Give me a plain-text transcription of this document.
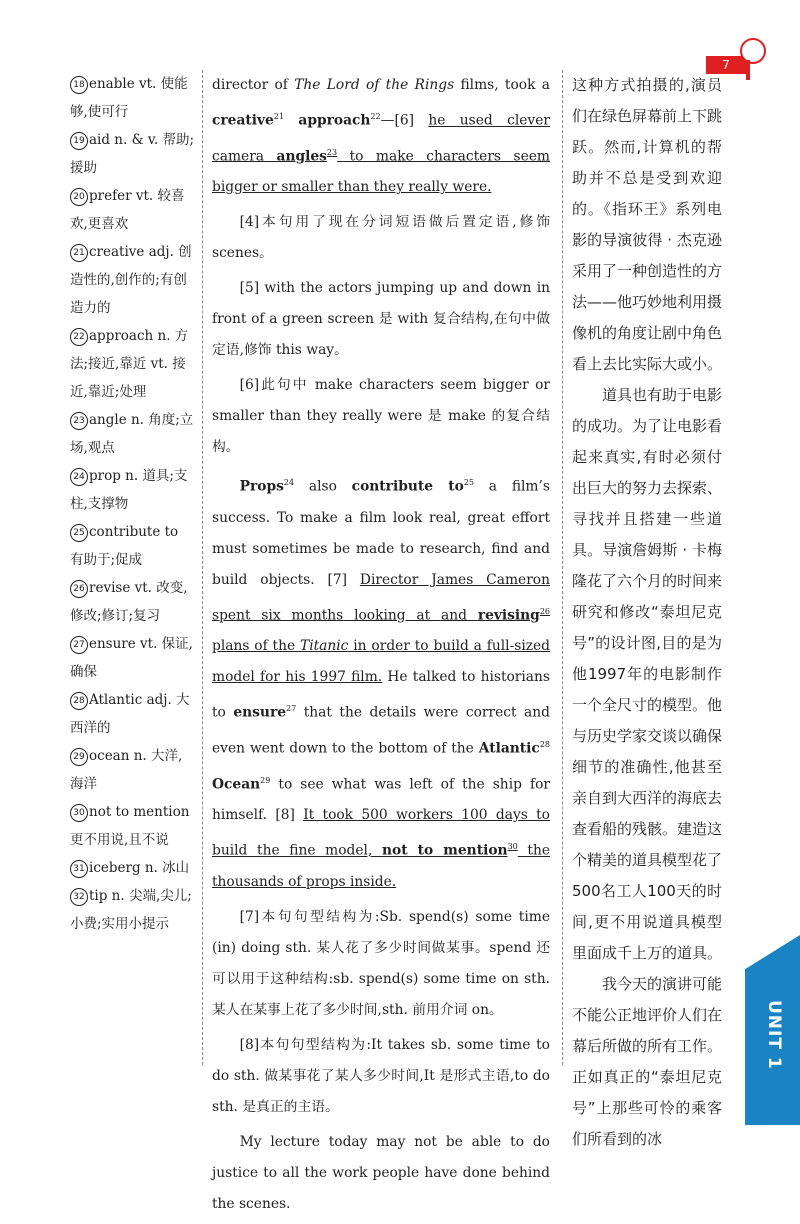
7
UNIT 1
18 enable vt. 使能够,使可行
19 aid n. & v. 帮助;援助
20 prefer vt. 较喜欢,更喜欢
21 creative adj. 创造性的,创作的;有创造力的
22 approach n. 方法;接近,靠近 vt. 接近,靠近;处理
23 angle n. 角度;立场,观点
24 prop n. 道具;支柱,支撑物
25 contribute to 有助于;促成
26 revise vt. 改变,修改;修订;复习
27 ensure vt. 保证,确保
28 Atlantic adj. 大西洋的
29 ocean n. 大洋,海洋
30 not to mention 更不用说,且不说
31 iceberg n. 冰山
32 tip n. 尖端,尖儿;小费;实用小提示

director of The Lord of the Rings films, took a creative$^{21}$ approach$^{22}$—[6] he used clever camera angles$^{23}$ to make characters seem bigger or smaller than they really were.

[4]本句用了现在分词短语做后置定语,修饰 scenes。

[5] with the actors jumping up and down in front of a green screen 是 with 复合结构,在句中做定语,修饰 this way。

[6]此句中 make characters seem bigger or smaller than they really were 是 make 的复合结构。

Props$^{24}$ also contribute $to^{25}$ a film’s success. To make a film look real, great effort must sometimes be made to research, find and build objects. [7] Director James Cameron spent six months looking at and revising$^{26}$ plans of the Titanic in order to build a full-sized model for his 1997 film. He talked to historians to ensure$^{27}$ that the details were correct and even went down to the bottom of the Atlantic$^{28}$ Ocean$^{29}$ to see what was left of the ship for himself. [8] It took 500 workers 100 days to build the fine model, not to mention$^{30}$ the thousands of props inside.

[7]本句句型结构为:Sb. spend(s) some time (in) doing sth. 某人花了多少时间做某事。spend 还可以用于这种结构:sb. spend(s) some time on sth. 某人在某事上花了多少时间,sth. 前用介词 on。

[8]本句句型结构为:It takes sb. some time to do sth. 做某事花了某人多少时间,It 是形式主语,to do sth. 是真正的主语。

My lecture today may not be able to do justice to all the work people have done behind the scenes.

这种方式拍摄的,演员们在绿色屏幕前上下跳跃。然而,计算机的帮助并不总是受到欢迎的。《指环王》系列电影的导演彼得 · 杰克逊采用了一种创造性的方法——他巧妙地利用摄像机的角度让剧中角色看上去比实际大或小。

道具也有助于电影的成功。为了让电影看起来真实,有时必须付出巨大的努力去探索、寻找并且搭建一些道具。导演詹姆斯 · 卡梅隆花了六个月的时间来研究和修改“泰坦尼克号”的设计图,目的是为他1997年的电影制作一个全尺寸的模型。他与历史学家交谈以确保细节的准确性,他甚至亲自到大西洋的海底去查看船的残骸。建造这个精美的道具模型花了500名工人100天的时间,更不用说道具模型里面成千上万的道具。

我今天的演讲可能不能公正地评价人们在幕后所做的所有工作。正如真正的“泰坦尼克号”上那些可怜的乘客们所看到的冰
